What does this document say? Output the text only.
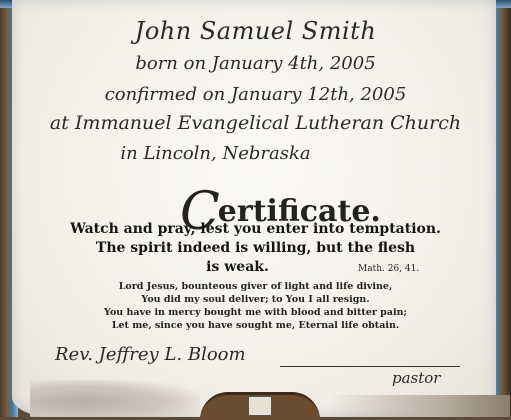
John Samuel Smith
born on January 4th, 2005
confirmed on January 12th, 2005
at Immanuel Evangelical Lutheran Church
in Lincoln, Nebraska
Certificate.
Watch and pray, lest you enter into temptation.
The spirit indeed is willing, but the flesh
is weak.	Math. 26, 41.
Lord Jesus, bounteous giver of light and life divine,
You did my soul deliver; to You I all resign.
You have in mercy bought me with blood and bitter pain;
Let me, since you have sought me, Eternal life obtain.
Rev. Jeffrey L. Bloom
pastor
